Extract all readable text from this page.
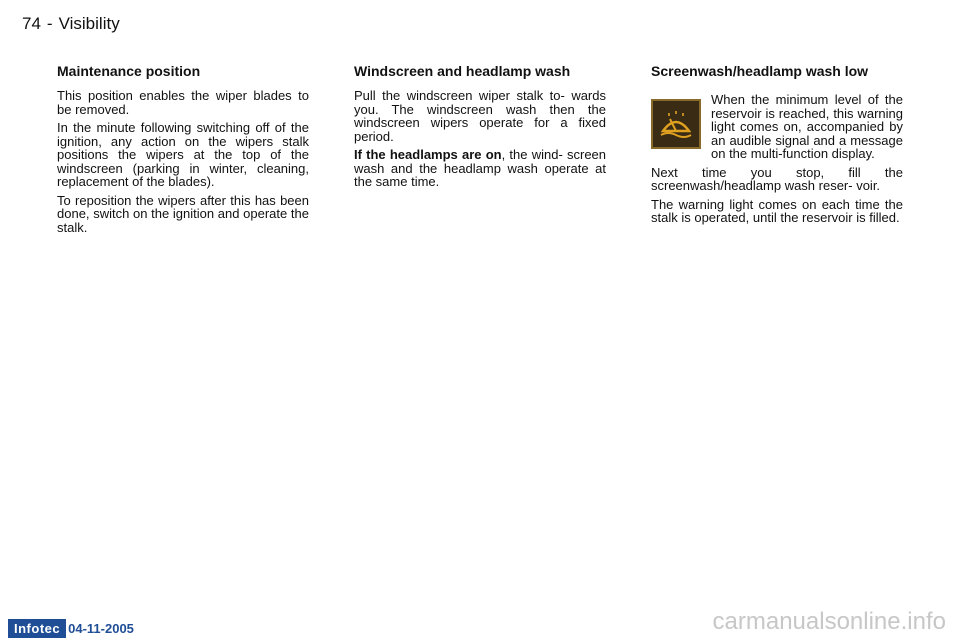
74 - Visibility
Maintenance position

This position enables the wiper blades to be removed.

In the minute following switching off of the ignition, any action on the wipers stalk positions the wipers at the top of the windscreen (parking in winter, cleaning, replacement of the blades).

To reposition the wipers after this has been done, switch on the ignition and operate the stalk.

Windscreen and headlamp wash

Pull the windscreen wiper stalk to- wards you. The windscreen wash then the windscreen wipers operate for a fixed period.

If the headlamps are on, the wind- screen wash and the headlamp wash operate at the same time.

Screenwash/headlamp wash low

When the minimum level of the reservoir is reached, this warning light comes on, accompanied by an audible signal and a message on the multi-function display.

Next time you stop, fill the screenwash/headlamp wash reser- voir.

The warning light comes on each time the stalk is operated, until the reservoir is filled.

Infotec 04-11-2005	carmanualsonline.info
